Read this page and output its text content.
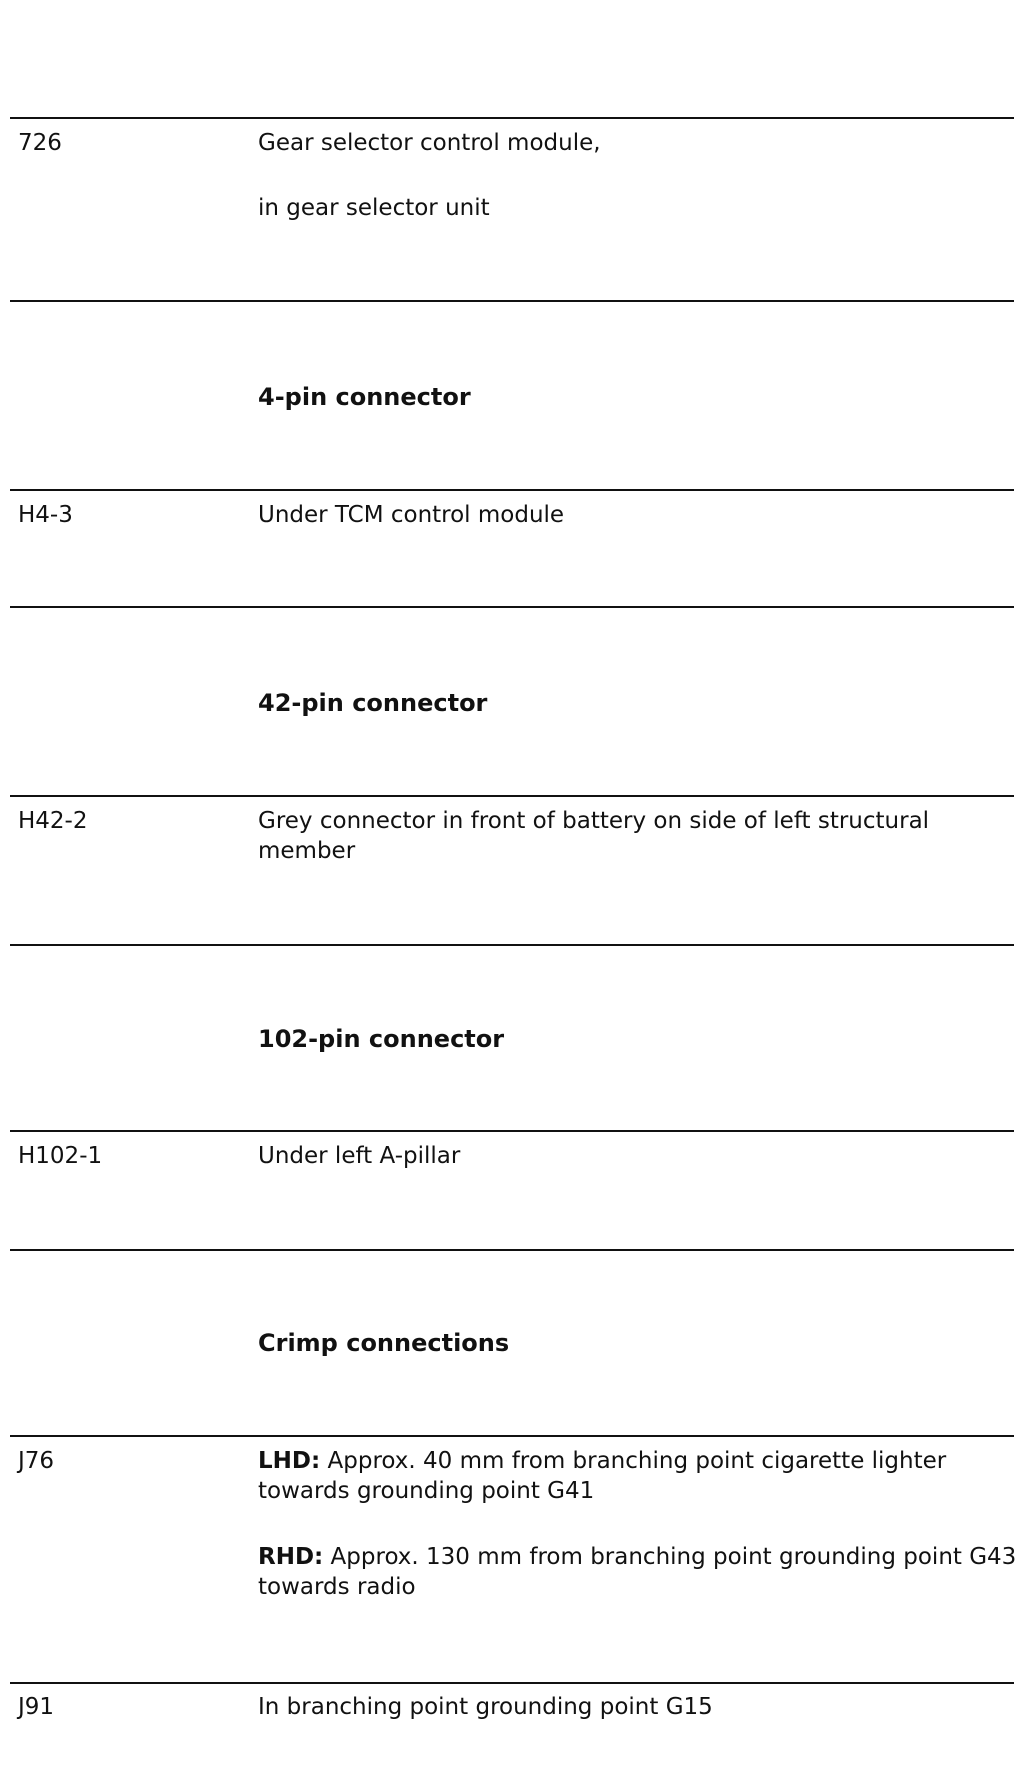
726	Gear selector control module,
in gear selector unit
4-pin connector
H4-3	Under TCM control module
42-pin connector
H42-2	Grey connector in front of battery on side of left structural member
102-pin connector
H102-1	Under left A-pillar
Crimp connections
J76	LHD: Approx. 40 mm from branching point cigarette lighter towards grounding point G41
RHD: Approx. 130 mm from branching point grounding point G43 towards radio
J91	In branching point grounding point G15
